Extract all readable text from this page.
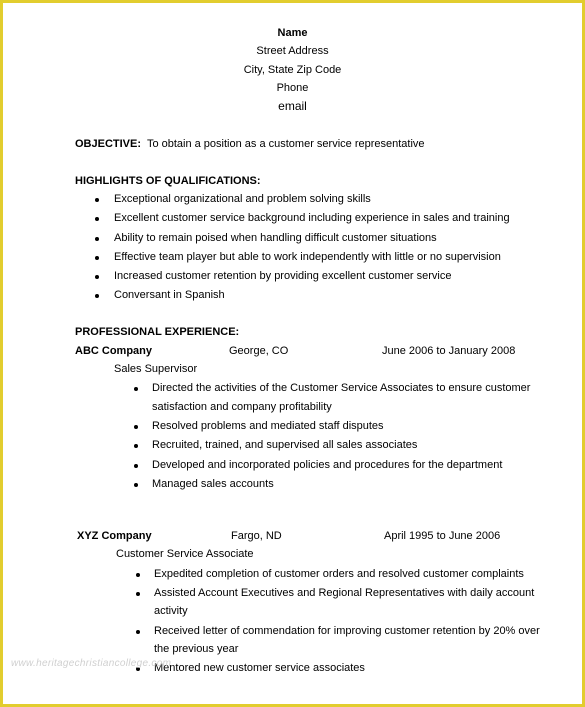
Name
Street Address
City, State Zip Code
Phone
email
OBJECTIVE: To obtain a position as a customer service representative
HIGHLIGHTS OF QUALIFICATIONS:
Exceptional organizational and problem solving skills
Excellent customer service background including experience in sales and training
Ability to remain poised when handling difficult customer situations
Effective team player but able to work independently with little or no supervision
Increased customer retention by providing excellent customer service
Conversant in Spanish
PROFESSIONAL EXPERIENCE:
ABC Company	George, CO	June 2006 to January 2008
Sales Supervisor
Directed the activities of the Customer Service Associates to ensure customer
satisfaction and company profitability
Resolved problems and mediated staff disputes
Recruited, trained, and supervised all sales associates
Developed and incorporated policies and procedures for the department
Managed sales accounts
XYZ Company	Fargo, ND	April 1995 to June 2006
Customer Service Associate
Expedited completion of customer orders and resolved customer complaints
Assisted Account Executives and Regional Representatives with daily account
activity
Received letter of commendation for improving customer retention by 20% over
the previous year
Mentored new customer service associates
www.heritagechristiancollege.com
